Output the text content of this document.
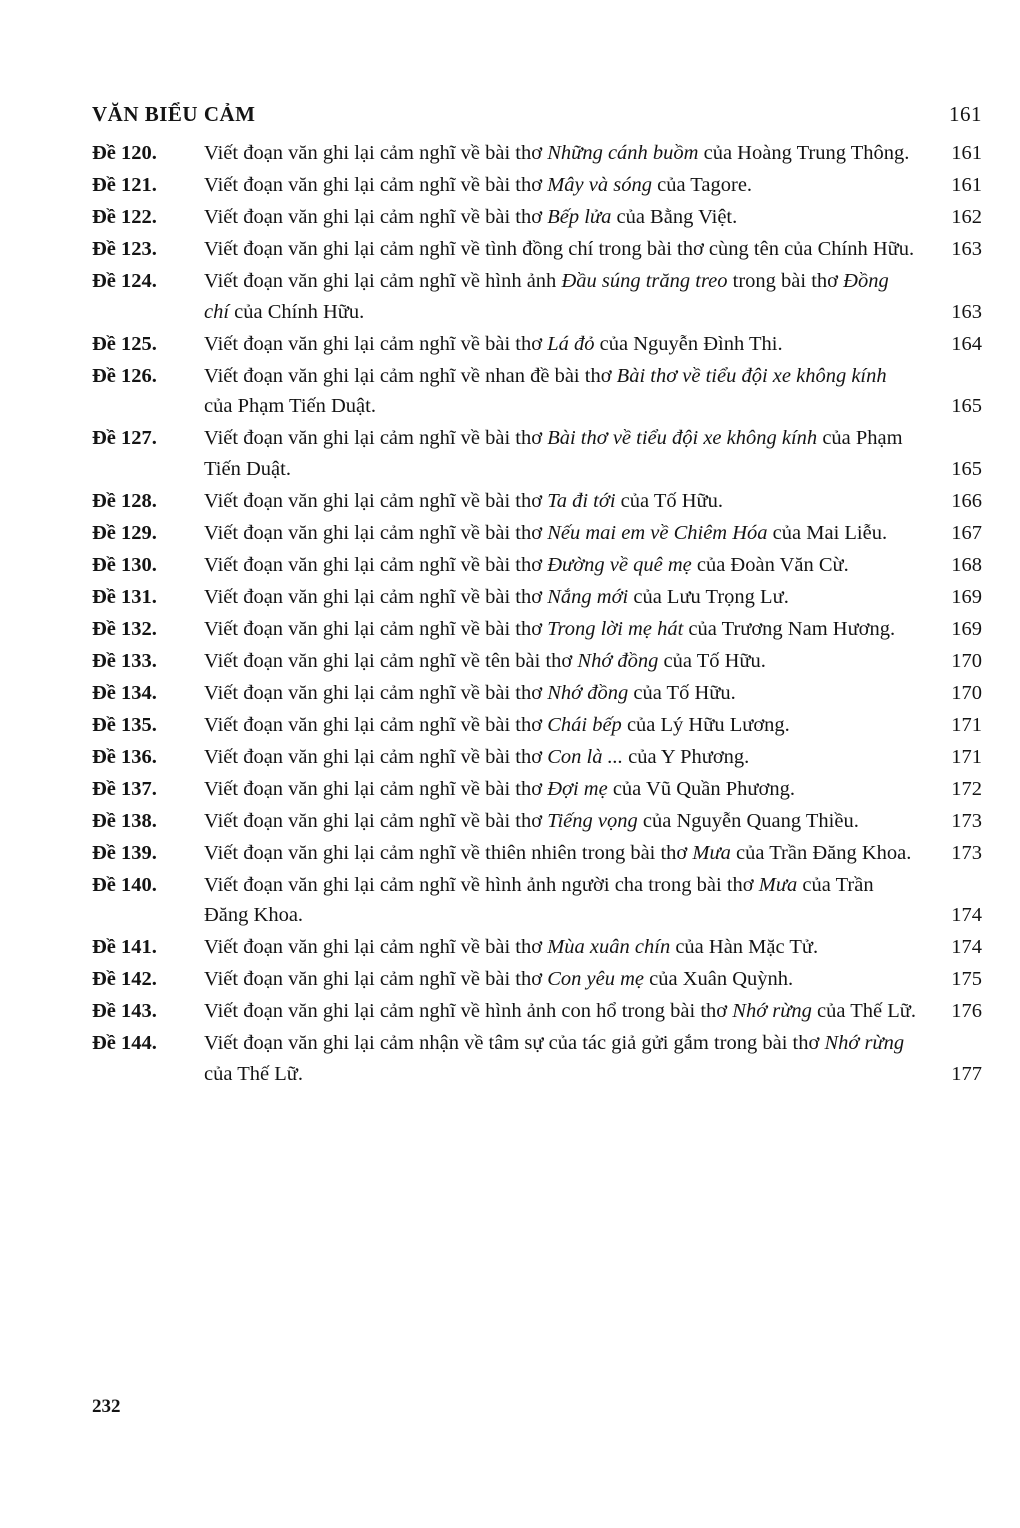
VĂN BIỂU CẢM	161
Đề 120.	Viết đoạn văn ghi lại cảm nghĩ về bài thơ Những cánh buồm của Hoàng Trung Thông. 161
Đề 121.	Viết đoạn văn ghi lại cảm nghĩ về bài thơ Mây và sóng của Tagore.	161
Đề 122.	Viết đoạn văn ghi lại cảm nghĩ về bài thơ Bếp lửa của Bằng Việt.	162
Đề 123.	Viết đoạn văn ghi lại cảm nghĩ về tình đồng chí trong bài thơ cùng tên của Chính Hữu. 163
Đề 124.	Viết đoạn văn ghi lại cảm nghĩ về hình ảnh Đầu súng trăng treo trong bài thơ Đồng chí của Chính Hữu.	163
Đề 125.	Viết đoạn văn ghi lại cảm nghĩ về bài thơ Lá đỏ của Nguyễn Đình Thi.	164
Đề 126.	Viết đoạn văn ghi lại cảm nghĩ về nhan đề bài thơ Bài thơ về tiểu đội xe không kính của Phạm Tiến Duật.	165
Đề 127.	Viết đoạn văn ghi lại cảm nghĩ về bài thơ Bài thơ về tiểu đội xe không kính của Phạm Tiến Duật.	165
Đề 128.	Viết đoạn văn ghi lại cảm nghĩ về bài thơ Ta đi tới của Tố Hữu.	166
Đề 129.	Viết đoạn văn ghi lại cảm nghĩ về bài thơ Nếu mai em về Chiêm Hóa của Mai Liễu.	167
Đề 130.	Viết đoạn văn ghi lại cảm nghĩ về bài thơ Đường về quê mẹ của Đoàn Văn Cừ.	168
Đề 131.	Viết đoạn văn ghi lại cảm nghĩ về bài thơ Nắng mới của Lưu Trọng Lư.	169
Đề 132.	Viết đoạn văn ghi lại cảm nghĩ về bài thơ Trong lời mẹ hát của Trương Nam Hương.	169
Đề 133.	Viết đoạn văn ghi lại cảm nghĩ về tên bài thơ Nhớ đồng của Tố Hữu.	170
Đề 134.	Viết đoạn văn ghi lại cảm nghĩ về bài thơ Nhớ đồng của Tố Hữu.	170
Đề 135.	Viết đoạn văn ghi lại cảm nghĩ về bài thơ Chái bếp của Lý Hữu Lương.	171
Đề 136.	Viết đoạn văn ghi lại cảm nghĩ về bài thơ Con là ... của Y Phương.	171
Đề 137.	Viết đoạn văn ghi lại cảm nghĩ về bài thơ Đợi mẹ của Vũ Quần Phương.	172
Đề 138.	Viết đoạn văn ghi lại cảm nghĩ về bài thơ Tiếng vọng của Nguyễn Quang Thiều.	173
Đề 139.	Viết đoạn văn ghi lại cảm nghĩ về thiên nhiên trong bài thơ Mưa của Trần Đăng Khoa. 173
Đề 140.	Viết đoạn văn ghi lại cảm nghĩ về hình ảnh người cha trong bài thơ Mưa của Trần Đăng Khoa.	174
Đề 141.	Viết đoạn văn ghi lại cảm nghĩ về bài thơ Mùa xuân chín của Hàn Mặc Tử.	174
Đề 142.	Viết đoạn văn ghi lại cảm nghĩ về bài thơ Con yêu mẹ của Xuân Quỳnh.	175
Đề 143.	Viết đoạn văn ghi lại cảm nghĩ về hình ảnh con hổ trong bài thơ Nhớ rừng của Thế Lữ. 176
Đề 144.	Viết đoạn văn ghi lại cảm nhận về tâm sự của tác giả gửi gắm trong bài thơ Nhớ rừng của Thế Lữ.	177
232
